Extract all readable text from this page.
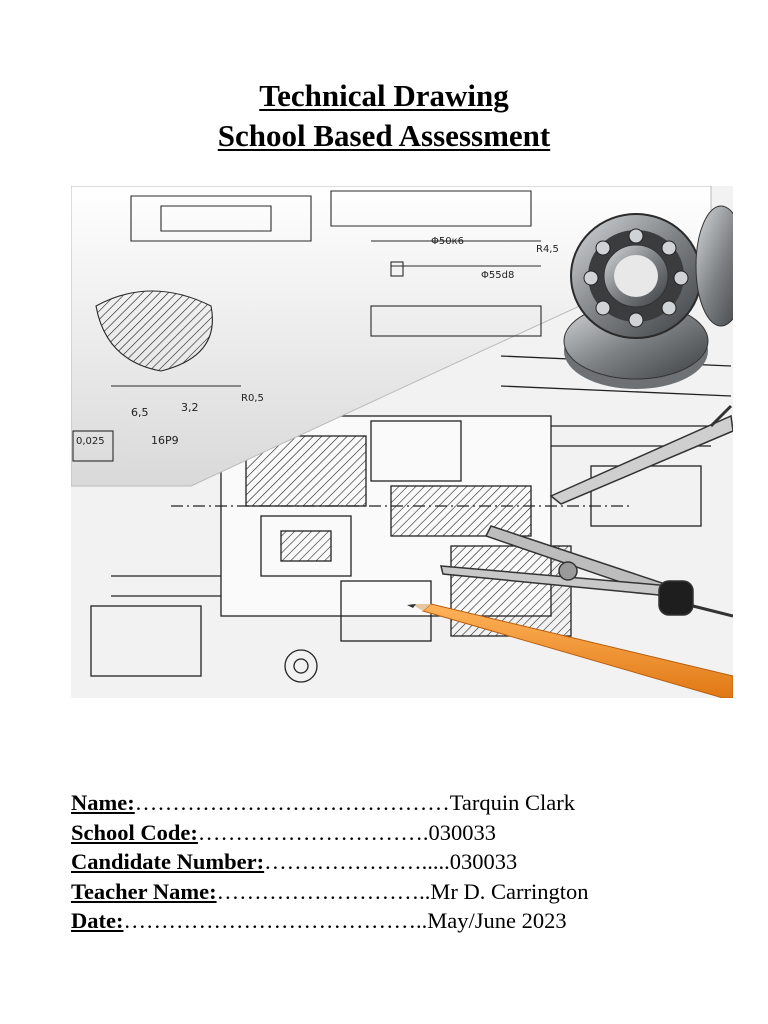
Technical Drawing
School Based Assessment
Φ50к6
Φ55d8
3,2
6,5
16P9
0,025
R0,5
R4,5
Name:……………………………………Tarquin Clark
School Code:………………………….030033
Candidate Number:………………….....030033
Teacher Name:………………………..Mr D. Carrington
Date:…………………………………..May/June 2023
